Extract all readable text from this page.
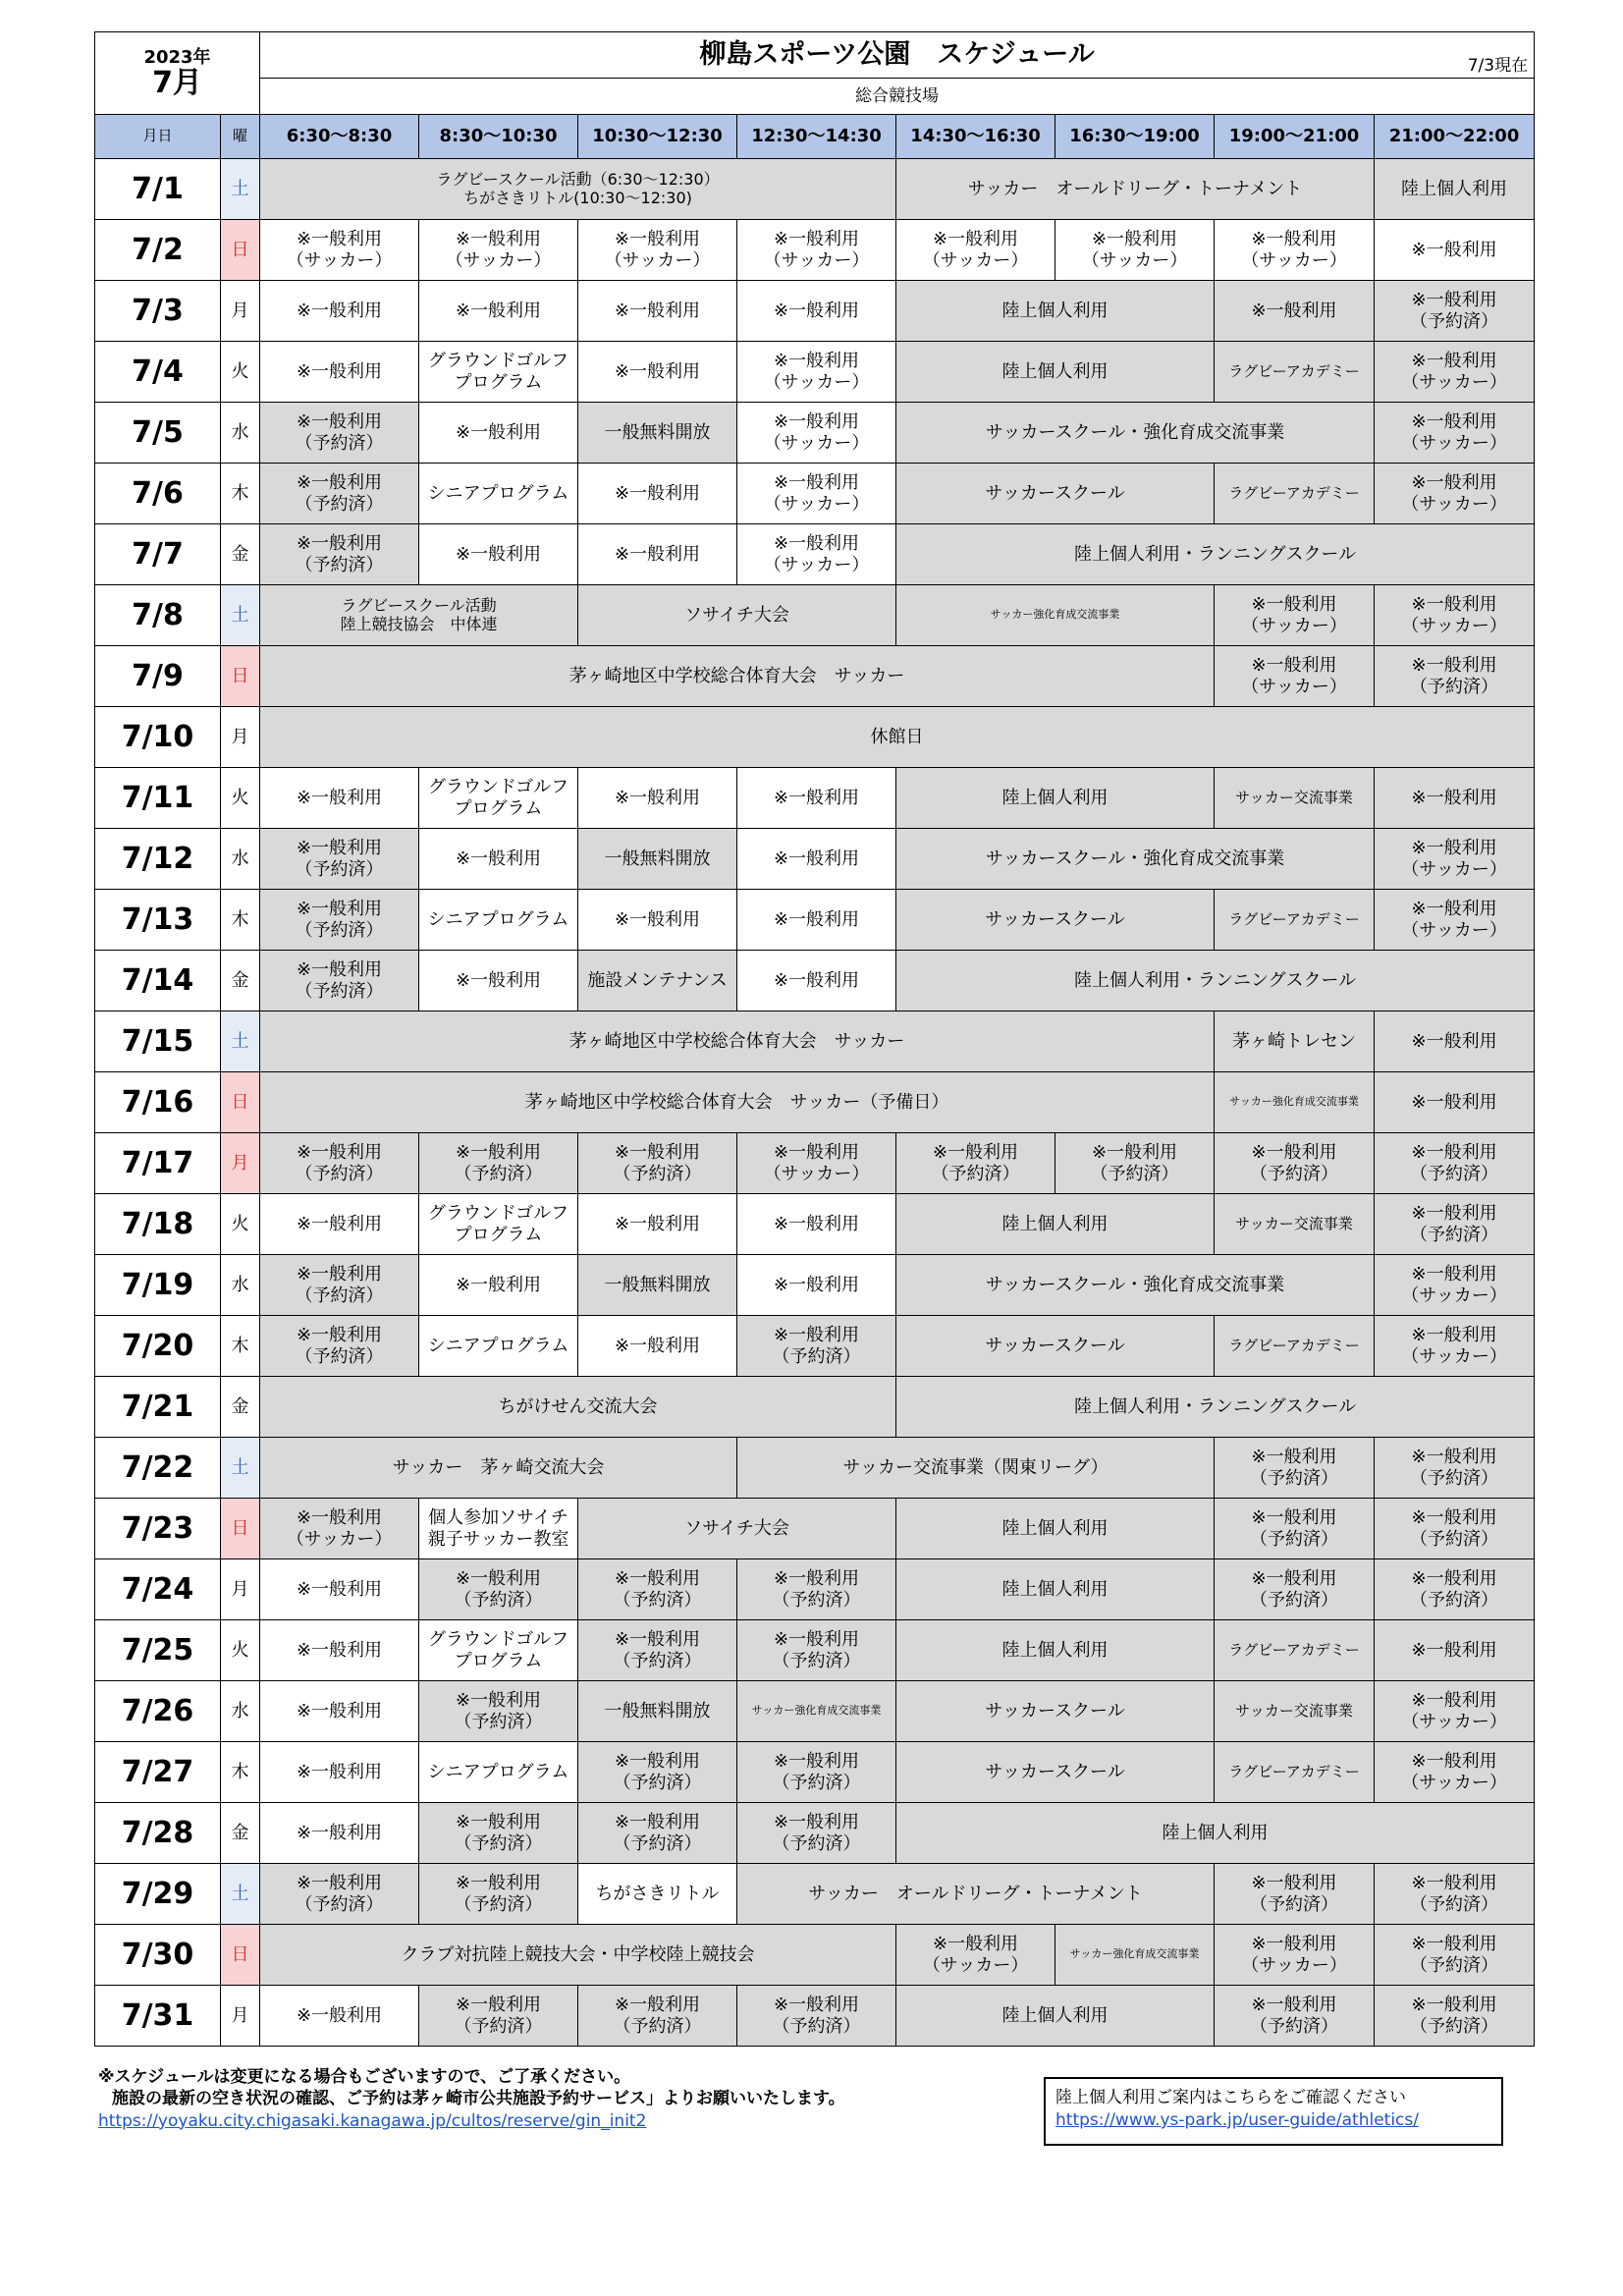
2023年
7月		柳島スポーツ公園　スケジュール 7/3現在							

		総合競技場							
月日	曜	6:30～8:30	8:30～10:30	10:30～12:30	12:30～14:30	14:30～16:30	16:30～19:00	19:00～21:00	21:00～22:00
7/1	土	ラグビースクール活動（6:30～12:30）
ちがさきリトル(10:30～12:30)				サッカー　オールドリーグ・トーナメント			陸上個人利用
7/2	日	※一般利用
（サッカー）	※一般利用
（サッカー）	※一般利用
（サッカー）	※一般利用
（サッカー）	※一般利用
（サッカー）	※一般利用
（サッカー）	※一般利用
（サッカー）	※一般利用
7/3	月	※一般利用	※一般利用	※一般利用	※一般利用	陸上個人利用		※一般利用	※一般利用
（予約済）
7/4	火	※一般利用	グラウンドゴルフ
プログラム	※一般利用	※一般利用
（サッカー）	陸上個人利用		ラグビーアカデミー	※一般利用
（サッカー）
7/5	水	※一般利用
（予約済）	※一般利用	一般無料開放	※一般利用
（サッカー）	サッカースクール・強化育成交流事業			※一般利用
（サッカー）
7/6	木	※一般利用
（予約済）	シニアプログラム	※一般利用	※一般利用
（サッカー）	サッカースクール		ラグビーアカデミー	※一般利用
（サッカー）
7/7	金	※一般利用
（予約済）	※一般利用	※一般利用	※一般利用
（サッカー）	陸上個人利用・ランニングスクール			
7/8	土	ラグビースクール活動
陸上競技協会　中体連		ソサイチ大会		サッカー強化育成交流事業		※一般利用
（サッカー）	※一般利用
（サッカー）
7/9	日	茅ヶ崎地区中学校総合体育大会　サッカー						※一般利用
（サッカー）	※一般利用
（予約済）
7/10	月	休館日							
7/11	火	※一般利用	グラウンドゴルフ
プログラム	※一般利用	※一般利用	陸上個人利用		サッカー交流事業	※一般利用
7/12	水	※一般利用
（予約済）	※一般利用	一般無料開放	※一般利用	サッカースクール・強化育成交流事業			※一般利用
（サッカー）
7/13	木	※一般利用
（予約済）	シニアプログラム	※一般利用	※一般利用	サッカースクール		ラグビーアカデミー	※一般利用
（サッカー）
7/14	金	※一般利用
（予約済）	※一般利用	施設メンテナンス	※一般利用	陸上個人利用・ランニングスクール			
7/15	土	茅ヶ崎地区中学校総合体育大会　サッカー						茅ヶ崎トレセン	※一般利用
7/16	日	茅ヶ崎地区中学校総合体育大会　サッカー（予備日）						サッカー強化育成交流事業	※一般利用
7/17	月	※一般利用
（予約済）	※一般利用
（予約済）	※一般利用
（予約済）	※一般利用
（サッカー）	※一般利用
（予約済）	※一般利用
（予約済）	※一般利用
（予約済）	※一般利用
（予約済）
7/18	火	※一般利用	グラウンドゴルフ
プログラム	※一般利用	※一般利用	陸上個人利用		サッカー交流事業	※一般利用
（予約済）
7/19	水	※一般利用
（予約済）	※一般利用	一般無料開放	※一般利用	サッカースクール・強化育成交流事業			※一般利用
（サッカー）
7/20	木	※一般利用
（予約済）	シニアプログラム	※一般利用	※一般利用
（予約済）	サッカースクール		ラグビーアカデミー	※一般利用
（サッカー）
7/21	金	ちがけせん交流大会				陸上個人利用・ランニングスクール			
7/22	土	サッカー　茅ヶ崎交流大会			サッカー交流事業（関東リーグ）			※一般利用
（予約済）	※一般利用
（予約済）
7/23	日	※一般利用
（サッカー）	個人参加ソサイチ
親子サッカー教室	ソサイチ大会		陸上個人利用		※一般利用
（予約済）	※一般利用
（予約済）
7/24	月	※一般利用	※一般利用
（予約済）	※一般利用
（予約済）	※一般利用
（予約済）	陸上個人利用		※一般利用
（予約済）	※一般利用
（予約済）
7/25	火	※一般利用	グラウンドゴルフ
プログラム	※一般利用
（予約済）	※一般利用
（予約済）	陸上個人利用		ラグビーアカデミー	※一般利用
7/26	水	※一般利用	※一般利用
（予約済）	一般無料開放	サッカー強化育成交流事業	サッカースクール		サッカー交流事業	※一般利用
（サッカー）
7/27	木	※一般利用	シニアプログラム	※一般利用
（予約済）	※一般利用
（予約済）	サッカースクール		ラグビーアカデミー	※一般利用
（サッカー）
7/28	金	※一般利用	※一般利用
（予約済）	※一般利用
（予約済）	※一般利用
（予約済）	陸上個人利用			
7/29	土	※一般利用
（予約済）	※一般利用
（予約済）	ちがさきリトル	サッカー　オールドリーグ・トーナメント			※一般利用
（予約済）	※一般利用
（予約済）
7/30	日	クラブ対抗陸上競技大会・中学校陸上競技会				※一般利用
（サッカー）	サッカー強化育成交流事業	※一般利用
（サッカー）	※一般利用
（予約済）
7/31	月	※一般利用	※一般利用
（予約済）	※一般利用
（予約済）	※一般利用
（予約済）	陸上個人利用		※一般利用
（予約済）	※一般利用
（予約済）
※スケジュールは変更になる場合もございますので、ご了承ください。
施設の最新の空き状況の確認、ご予約は茅ヶ崎市公共施設予約サービス」よりお願いいたします。
https://yoyaku.city.chigasaki.kanagawa.jp/cultos/reserve/gin_init2
陸上個人利用ご案内はこちらをご確認ください
https://www.ys-park.jp/user-guide/athletics/
